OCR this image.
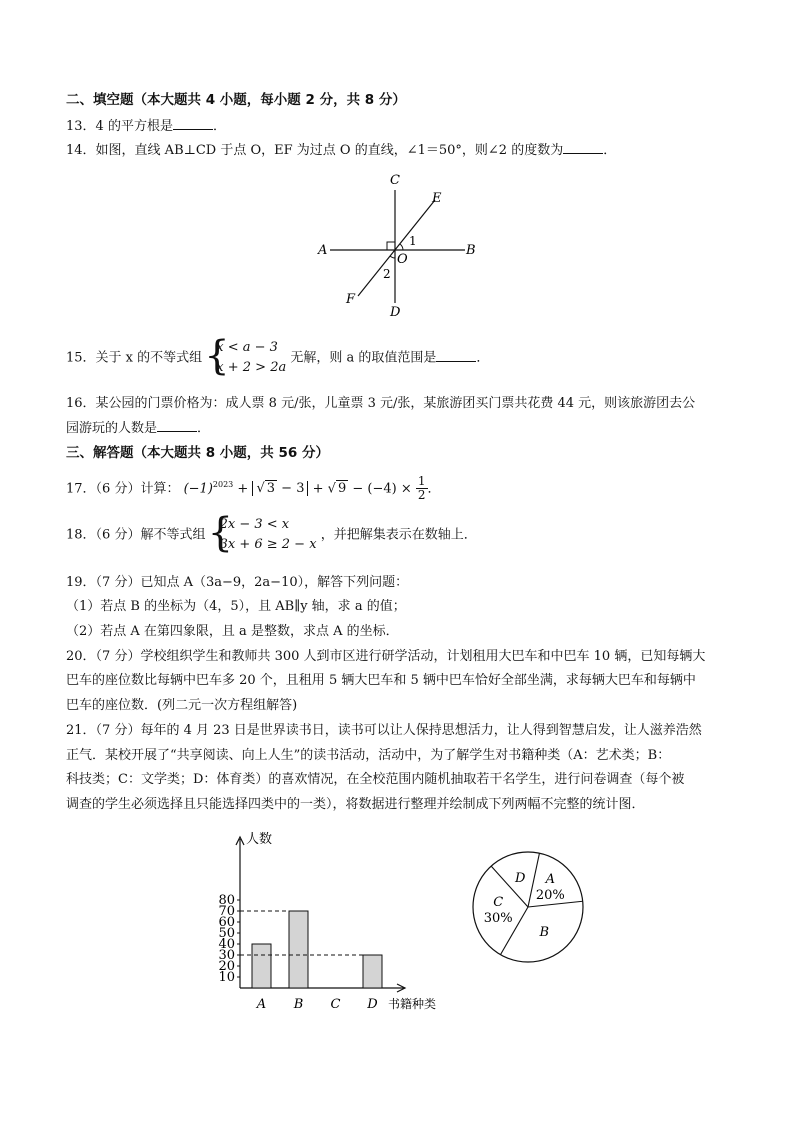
二、填空题（本大题共 4 小题，每小题 2 分，共 8 分）
13．4 的平方根是	．
14．如图，直线 AB⊥CD 于点 O，EF 为过点 O 的直线，∠1＝50°，则∠2 的度数为	．
C
E
A	B
1
O
2
F
D
15．关于 x 的不等式组
{ x < a − 3
x + 2 > 2a
无解，则 a 的取值范围是	．
16．某公园的门票价格为：成人票 8 元/张，儿童票 3 元/张，某旅游团买门票共花费 44 元，则该旅游团去公
园游玩的人数是	．
三、解答题（本大题共 8 小题，共 56 分）
17．（6 分）计算： $(-1)^{2023}$ + √ 3 − 3 + √ $9 - (-4) \times \frac{1}{2}$ ．
18．（6 分）解不等式组
{ 2x − 3 < x
3x + 6 ≥ 2 − x
，并把解集表示在数轴上．
19．（7 分）已知点 A（3a−9，2a−10），解答下列问题：
（1）若点 B 的坐标为（4，5），且 AB∥y 轴，求 a 的值；
（2）若点 A 在第四象限，且 a 是整数，求点 A 的坐标．
20．（7 分）学校组织学生和教师共 300 人到市区进行研学活动，计划租用大巴车和中巴车 10 辆，已知每辆大
巴车的座位数比每辆中巴车多 20 个，且租用 5 辆大巴车和 5 辆中巴车恰好全部坐满，求每辆大巴车和每辆中
巴车的座位数．(列二元一次方程组解答)
21．（7 分）每年的 4 月 23 日是世界读书日，读书可以让人保持思想活力，让人得到智慧启发，让人滋养浩然
正气．某校开展了“共享阅读、向上人生”的读书活动，活动中，为了解学生对书籍种类（A：艺术类；B：
科技类；C：文学类；D：体育类）的喜欢情况，在全校范围内随机抽取若干名学生，进行问卷调查（每个被
调查的学生必须选择且只能选择四类中的一类），将数据进行整理并绘制成下列两幅不完整的统计图．
人数
书籍种类
10
20
30
40
50
60
70
80
A B C D
A
20%
B
C
30%
D
